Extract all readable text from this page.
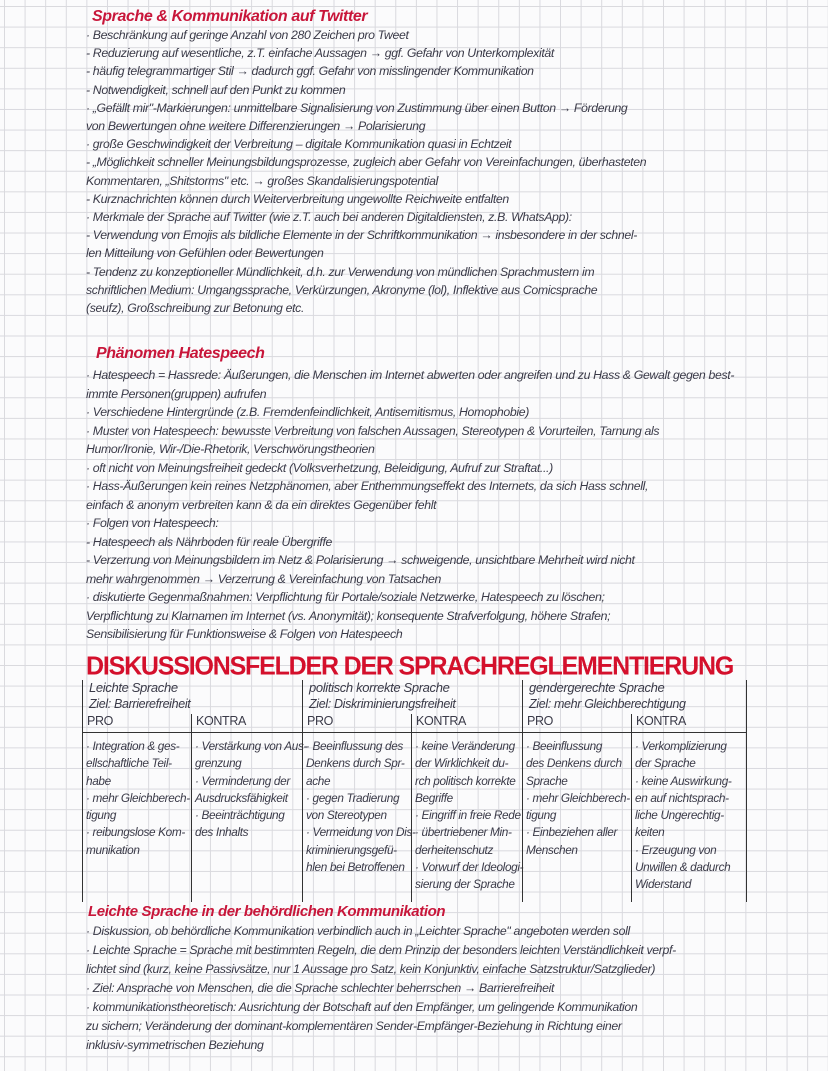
Sprache & Kommunikation auf Twitter
· Beschränkung auf geringe Anzahl von 280 Zeichen pro Tweet
- Reduzierung auf wesentliche, z.T. einfache Aussagen → ggf. Gefahr von Unterkomplexität
- häufig telegrammartiger Stil → dadurch ggf. Gefahr von misslingender Kommunikation
- Notwendigkeit, schnell auf den Punkt zu kommen
· „Gefällt mir"-Markierungen: unmittelbare Signalisierung von Zustimmung über einen Button → Förderung
von Bewertungen ohne weitere Differenzierungen → Polarisierung
· große Geschwindigkeit der Verbreitung – digitale Kommunikation quasi in Echtzeit
- „Möglichkeit schneller Meinungsbildungsprozesse, zugleich aber Gefahr von Vereinfachungen, überhasteten
Kommentaren, „Shitstorms" etc. → großes Skandalisierungspotential
- Kurznachrichten können durch Weiterverbreitung ungewollte Reichweite entfalten
· Merkmale der Sprache auf Twitter (wie z.T. auch bei anderen Digitaldiensten, z.B. WhatsApp):
- Verwendung von Emojis als bildliche Elemente in der Schriftkommunikation → insbesondere in der schnel-
len Mitteilung von Gefühlen oder Bewertungen
- Tendenz zu konzeptioneller Mündlichkeit, d.h. zur Verwendung von mündlichen Sprachmustern im
schriftlichen Medium: Umgangssprache, Verkürzungen, Akronyme (lol), Inflektive aus Comicsprache
(seufz), Großschreibung zur Betonung etc.
Phänomen Hatespeech
· Hatespeech = Hassrede: Äußerungen, die Menschen im Internet abwerten oder angreifen und zu Hass & Gewalt gegen best-
immte Personen(gruppen) aufrufen
· Verschiedene Hintergründe (z.B. Fremdenfeindlichkeit, Antisemitismus, Homophobie)
· Muster von Hatespeech: bewusste Verbreitung von falschen Aussagen, Stereotypen & Vorurteilen, Tarnung als
Humor/Ironie, Wir-/Die-Rhetorik, Verschwörungstheorien
· oft nicht von Meinungsfreiheit gedeckt (Volksverhetzung, Beleidigung, Aufruf zur Straftat...)
· Hass-Äußerungen kein reines Netzphänomen, aber Enthemmungseffekt des Internets, da sich Hass schnell,
einfach & anonym verbreiten kann & da ein direktes Gegenüber fehlt
· Folgen von Hatespeech:
- Hatespeech als Nährboden für reale Übergriffe
- Verzerrung von Meinungsbildern im Netz & Polarisierung → schweigende, unsichtbare Mehrheit wird nicht
mehr wahrgenommen → Verzerrung & Vereinfachung von Tatsachen
· diskutierte Gegenmaßnahmen: Verpflichtung für Portale/soziale Netzwerke, Hatespeech zu löschen;
Verpflichtung zu Klarnamen im Internet (vs. Anonymität); konsequente Strafverfolgung, höhere Strafen;
Sensibilisierung für Funktionsweise & Folgen von Hatespeech
DISKUSSIONSFELDER DER SPRACHREGLEMENTIERUNG
Leichte Sprache
Ziel: Barrierefreiheit
PRO
· Integration & ges-
ellschaftliche Teil-
habe
· mehr Gleichberech-
tigung
· reibungslose Kom-
munikation
KONTRA
· Verstärkung von Aus-
grenzung
· Verminderung der
Ausdrucksfähigkeit
· Beeinträchtigung
des Inhalts
politisch korrekte Sprache
Ziel: Diskriminierungsfreiheit
PRO
· Beeinflussung des
Denkens durch Spr-
ache
· gegen Tradierung
von Stereotypen
· Vermeidung von Dis-
kriminierungsgefü-
hlen bei Betroffenen
KONTRA
· keine Veränderung
der Wirklichkeit du-
rch politisch korrekte
Begriffe
· Eingriff in freie Rede
· übertriebener Min-
derheitenschutz
· Vorwurf der Ideologi-
sierung der Sprache
gendergerechte Sprache
Ziel: mehr Gleichberechtigung
PRO
· Beeinflussung
des Denkens durch
Sprache
· mehr Gleichberech-
tigung
· Einbeziehen aller
Menschen
KONTRA
· Verkomplizierung
der Sprache
· keine Auswirkung-
en auf nichtsprach-
liche Ungerechtig-
keiten
· Erzeugung von
Unwillen & dadurch
Widerstand
Leichte Sprache in der behördlichen Kommunikation
· Diskussion, ob behördliche Kommunikation verbindlich auch in „Leichter Sprache" angeboten werden soll
· Leichte Sprache = Sprache mit bestimmten Regeln, die dem Prinzip der besonders leichten Verständlichkeit verpf-
lichtet sind (kurz, keine Passivsätze, nur 1 Aussage pro Satz, kein Konjunktiv, einfache Satzstruktur/Satzglieder)
· Ziel: Ansprache von Menschen, die die Sprache schlechter beherrschen → Barrierefreiheit
· kommunikationstheoretisch: Ausrichtung der Botschaft auf den Empfänger, um gelingende Kommunikation
zu sichern; Veränderung der dominant-komplementären Sender-Empfänger-Beziehung in Richtung einer
inklusiv-symmetrischen Beziehung
